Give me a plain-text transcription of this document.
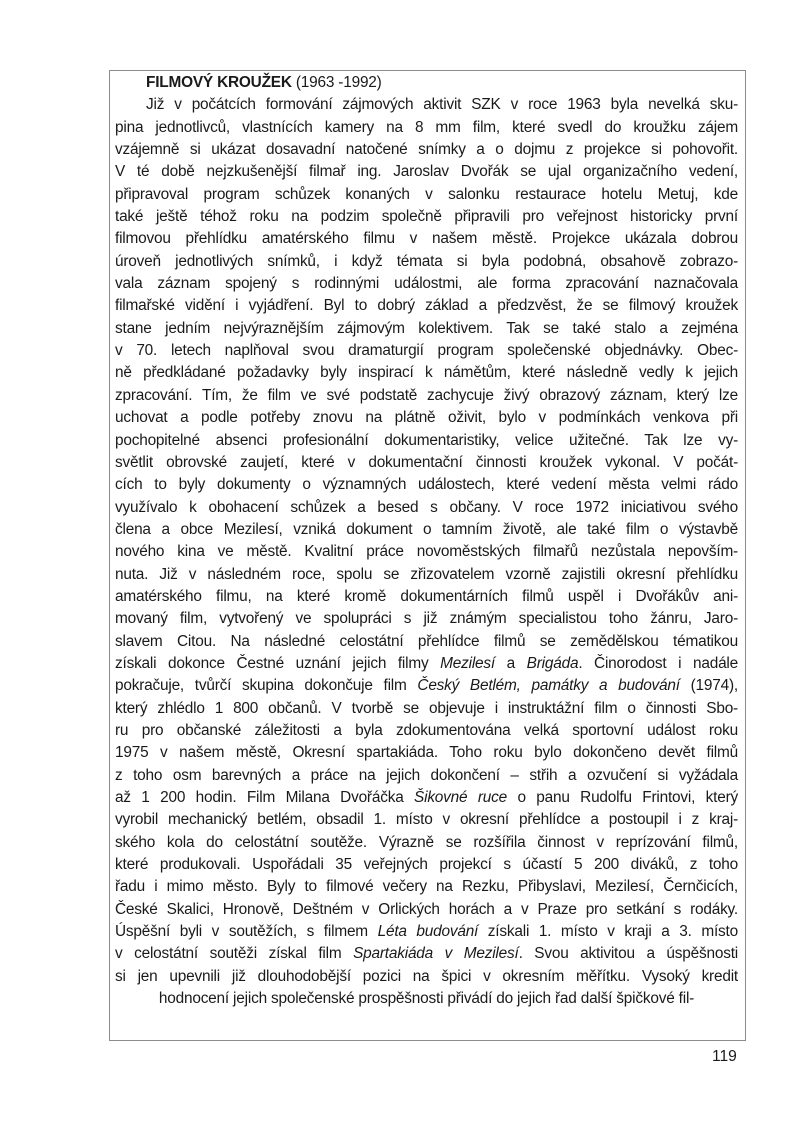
FILMOVÝ KROUŽEK (1963 -1992)
Již v počátcích formování zájmových aktivit SZK v roce 1963 byla nevelká sku-
pina jednotlivců, vlastnících kamery na 8 mm film, které svedl do kroužku zájem
vzájemně si ukázat dosavadní natočené snímky a o dojmu z projekce si pohovořit.
V té době nejzkušenější filmař ing. Jaroslav Dvořák se ujal organizačního vedení,
připravoval program schůzek konaných v salonku restaurace hotelu Metuj, kde
také ještě téhož roku na podzim společně připravili pro veřejnost historicky první
filmovou přehlídku amatérského filmu v našem městě. Projekce ukázala dobrou
úroveň jednotlivých snímků, i když témata si byla podobná, obsahově zobrazo-
vala záznam spojený s rodinnými událostmi, ale forma zpracování naznačovala
filmařské vidění i vyjádření. Byl to dobrý základ a předzvěst, že se filmový kroužek
stane jedním nejvýraznějším zájmovým kolektivem. Tak se také stalo a zejména
v 70. letech naplňoval svou dramaturgií program společenské objednávky. Obec-
ně předkládané požadavky byly inspirací k námětům, které následně vedly k jejich
zpracování. Tím, že film ve své podstatě zachycuje živý obrazový záznam, který lze
uchovat a podle potřeby znovu na plátně oživit, bylo v podmínkách venkova při
pochopitelné absenci profesionální dokumentaristiky, velice užitečné. Tak lze vy-
světlit obrovské zaujetí, které v dokumentační činnosti kroužek vykonal. V počát-
cích to byly dokumenty o významných událostech, které vedení města velmi rádo
využívalo k obohacení schůzek a besed s občany. V roce 1972 iniciativou svého
člena a obce Mezilesí, vzniká dokument o tamním životě, ale také film o výstavbě
nového kina ve městě. Kvalitní práce novoměstských filmařů nezůstala nepovším-
nuta. Již v následném roce, spolu se zřizovatelem vzorně zajistili okresní přehlídku
amatérského filmu, na které kromě dokumentárních filmů uspěl i Dvořákův ani-
movaný film, vytvořený ve spolupráci s již známým specialistou toho žánru, Jaro-
slavem Citou. Na následné celostátní přehlídce filmů se zemědělskou tématikou
získali dokonce Čestné uznání jejich filmy Mezilesí a Brigáda. Činorodost i nadále
pokračuje, tvůrčí skupina dokončuje film Český Betlém, památky a budování (1974),
který zhlédlo 1 800 občanů. V tvorbě se objevuje i instruktážní film o činnosti Sbo-
ru pro občanské záležitosti a byla zdokumentována velká sportovní událost roku
1975 v našem městě, Okresní spartakiáda. Toho roku bylo dokončeno devět filmů
z toho osm barevných a práce na jejich dokončení – střih a ozvučení si vyžádala
až 1 200 hodin. Film Milana Dvořáčka Šikovné ruce o panu Rudolfu Frintovi, který
vyrobil mechanický betlém, obsadil 1. místo v okresní přehlídce a postoupil i z kraj-
ského kola do celostátní soutěže. Výrazně se rozšířila činnost v reprízování filmů,
které produkovali. Uspořádali 35 veřejných projekcí s účastí 5 200 diváků, z toho
řadu i mimo město. Byly to filmové večery na Rezku, Přibyslavi, Mezilesí, Černčicích,
České Skalici, Hronově, Deštném v Orlických horách a v Praze pro setkání s rodáky.
Úspěšní byli v soutěžích, s filmem Léta budování získali 1. místo v kraji a 3. místo
v celostátní soutěži získal film Spartakiáda v Mezilesí. Svou aktivitou a úspěšnosti
si jen upevnili již dlouhodobější pozici na špici v okresním měřítku. Vysoký kredit
hodnocení jejich společenské prospěšnosti přivádí do jejich řad další špičkové fil-
119
